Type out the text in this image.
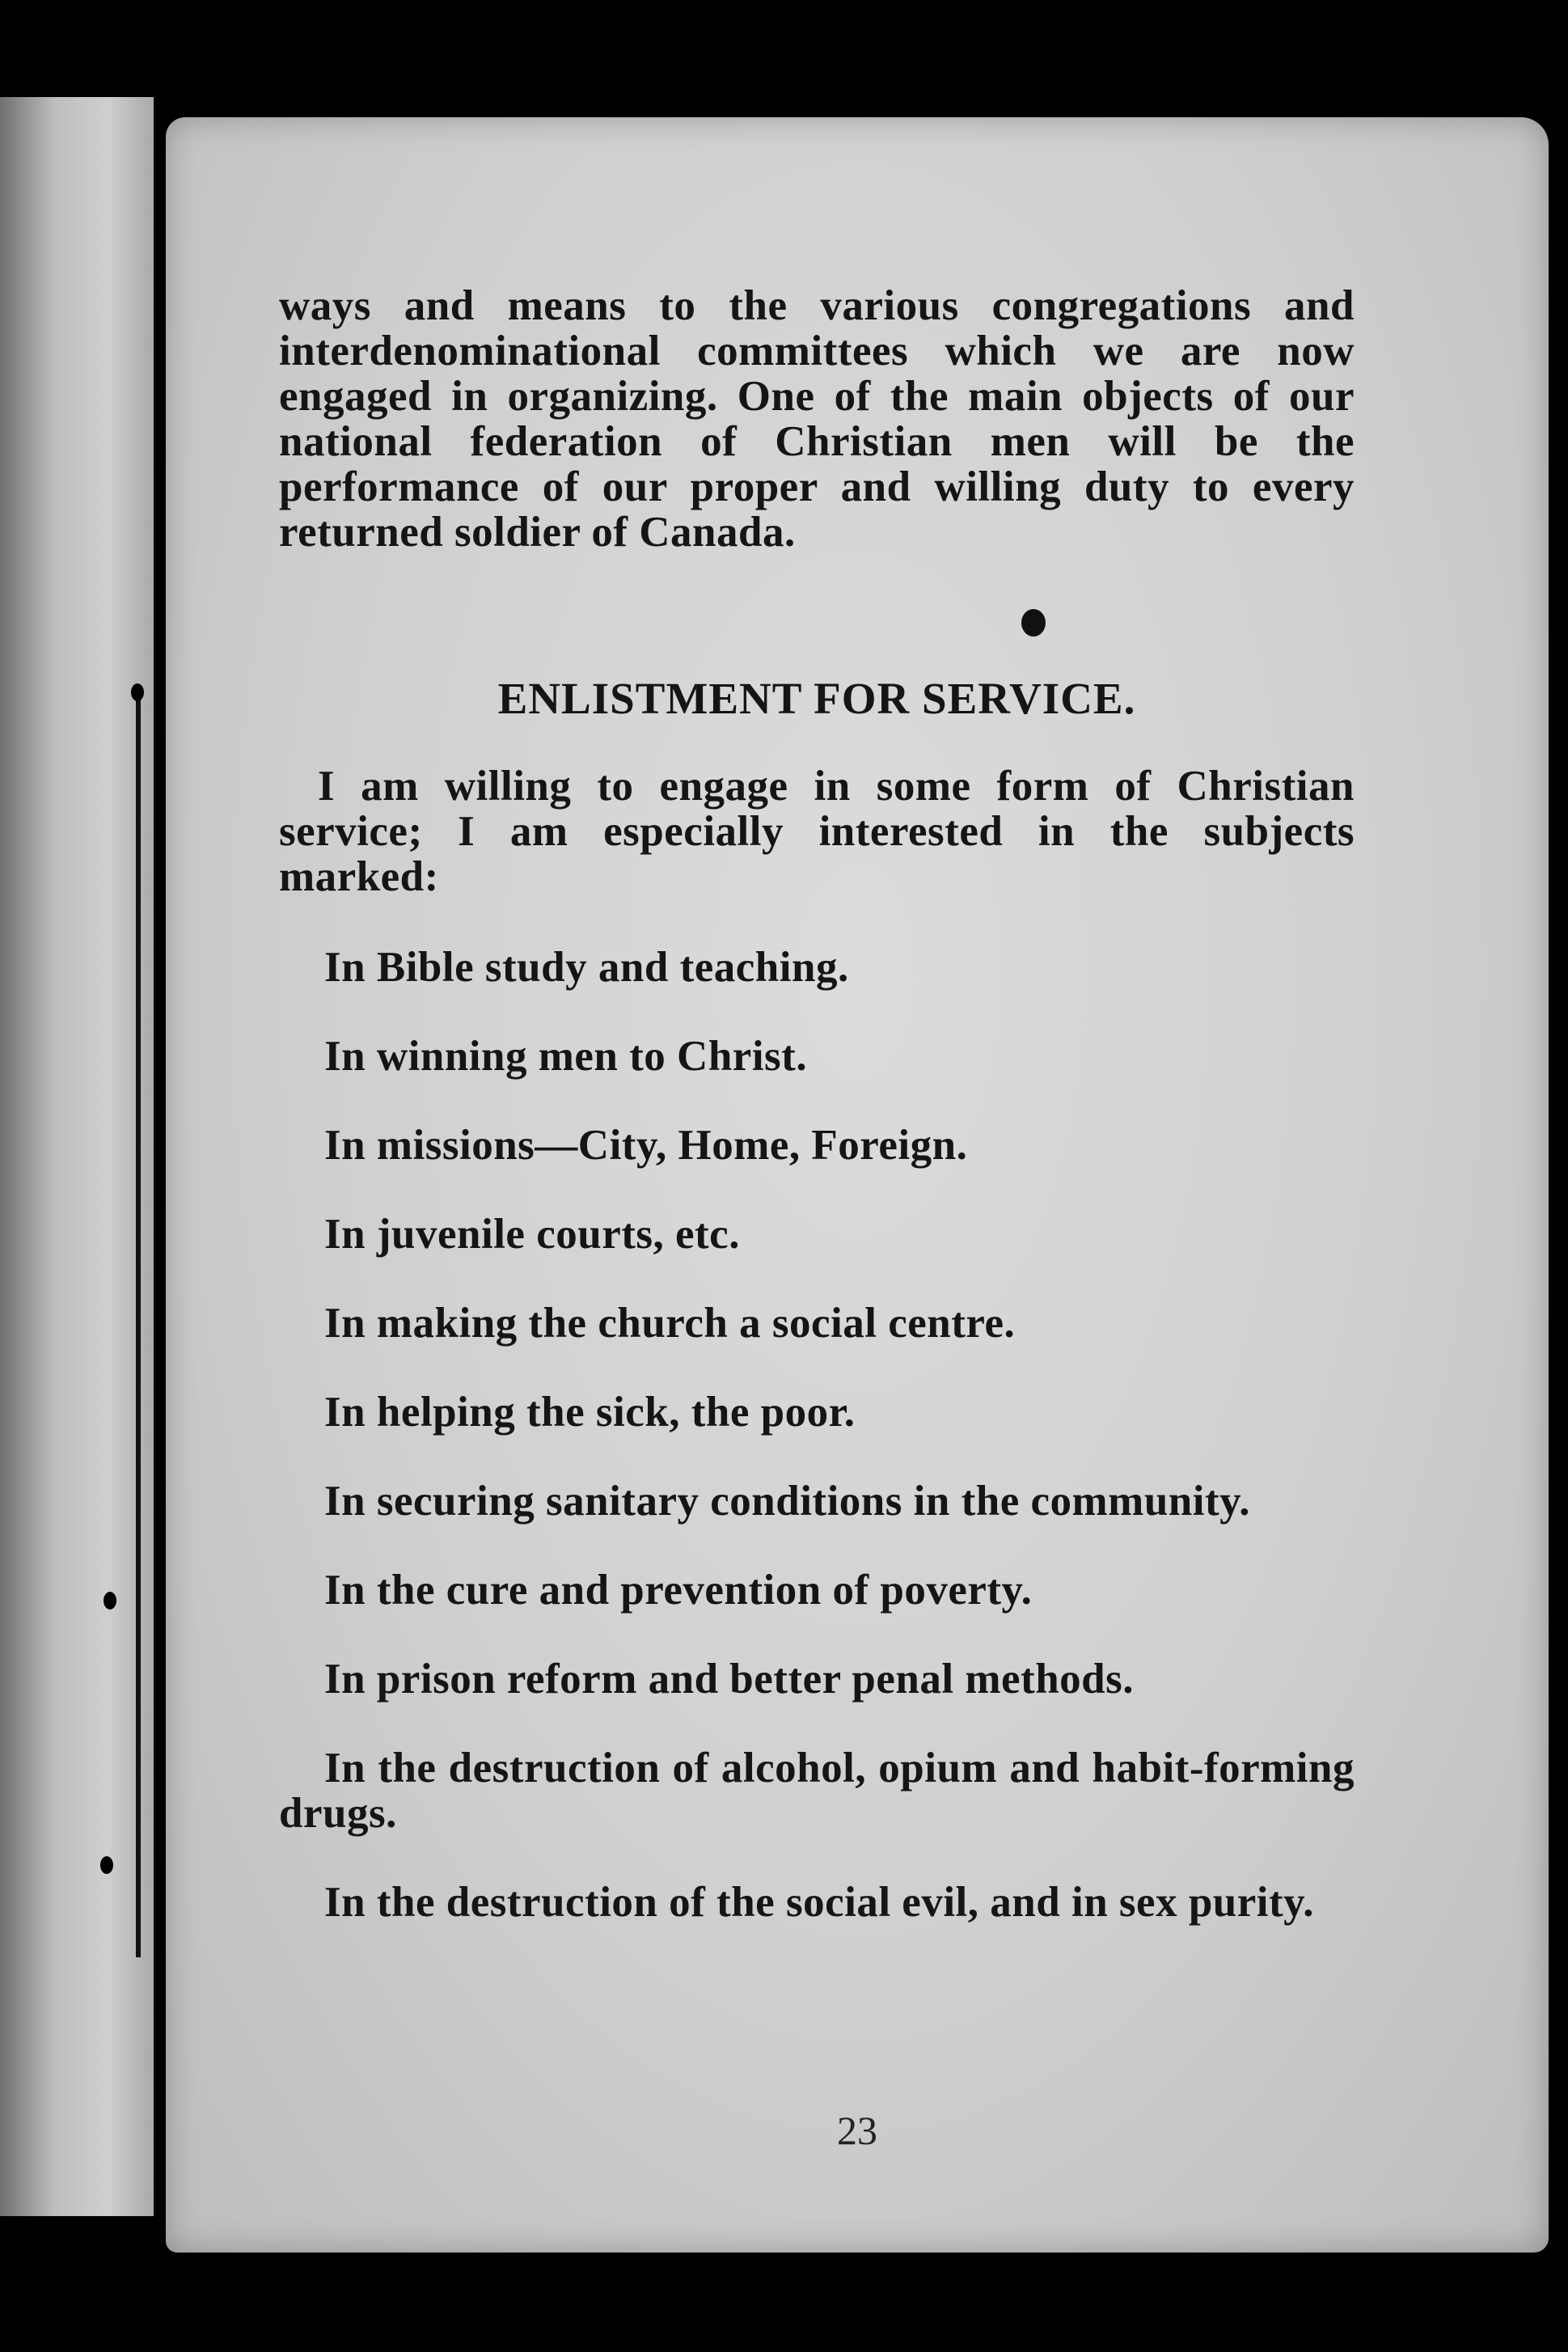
ways and means to the various congregations and interdenominational committees which we are now engaged in organizing. One of the main objects of our national federation of Christian men will be the performance of our proper and willing duty to every returned soldier of Canada.

ENLISTMENT FOR SERVICE.

I am willing to engage in some form of Christian service; I am especially interested in the subjects marked:

In Bible study and teaching.
In winning men to Christ.
In missions—City, Home, Foreign.
In juvenile courts, etc.
In making the church a social centre.
In helping the sick, the poor.
In securing sanitary conditions in the community.
In the cure and prevention of poverty.
In prison reform and better penal methods.
In the destruction of alcohol, opium and habit-forming drugs.
In the destruction of the social evil, and in sex purity.
23
